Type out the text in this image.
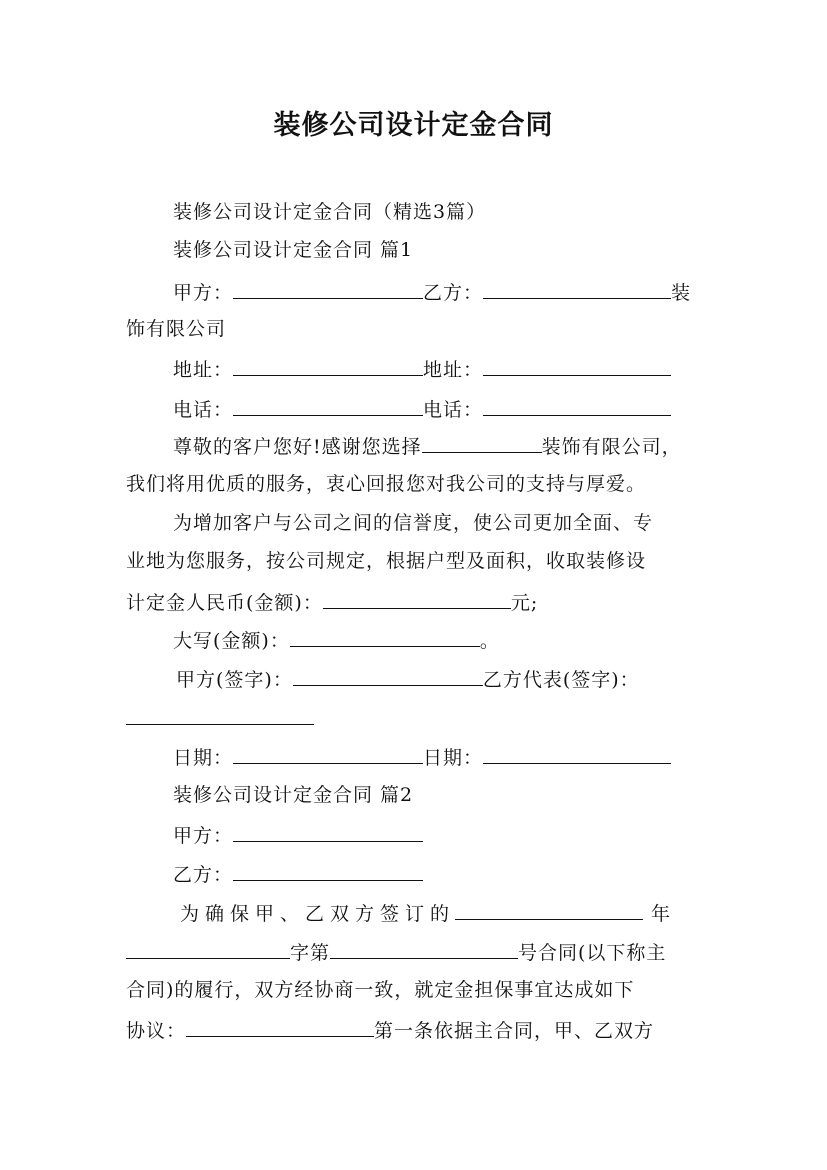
装修公司设计定金合同
装修公司设计定金合同（精选3篇）
装修公司设计定金合同 篇1
甲方：	乙方：	装
饰有限公司
地址：	地址：
电话：	电话：
尊敬的客户您好!感谢您选择	装饰有限公司，
我们将用优质的服务，衷心回报您对我公司的支持与厚爱。
为增加客户与公司之间的信誉度，使公司更加全面、专
业地为您服务，按公司规定，根据户型及面积，收取装修设
计定金人民币(金额)：	元;
大写(金额)：	。
甲方(签字)：	乙方代表(签字)：
日期：	日期：
装修公司设计定金合同 篇2
甲方：
乙方：
为确保甲、乙双方签订的	年
字第	号合同(以下称主
合同)的履行，双方经协商一致，就定金担保事宜达成如下
协议：	第一条依据主合同，甲、乙双方
